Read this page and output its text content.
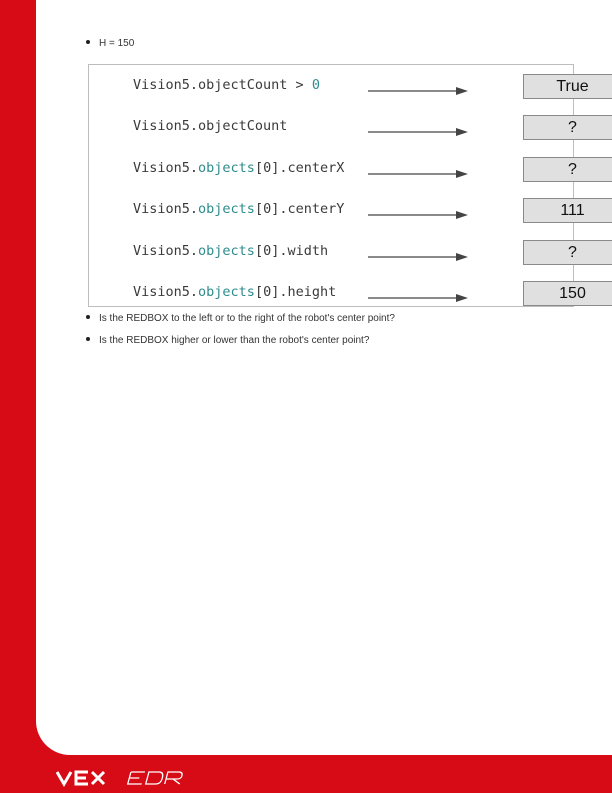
H = 150
Vision5.objectCount > 0	True
Vision5.objectCount	?
Vision5.objects[0].centerX	?
Vision5.objects[0].centerY	111
Vision5.objects[0].width	?
Vision5.objects[0].height	150
Is the REDBOX to the left or to the right of the robot's center point?
Is the REDBOX higher or lower than the robot's center point?
